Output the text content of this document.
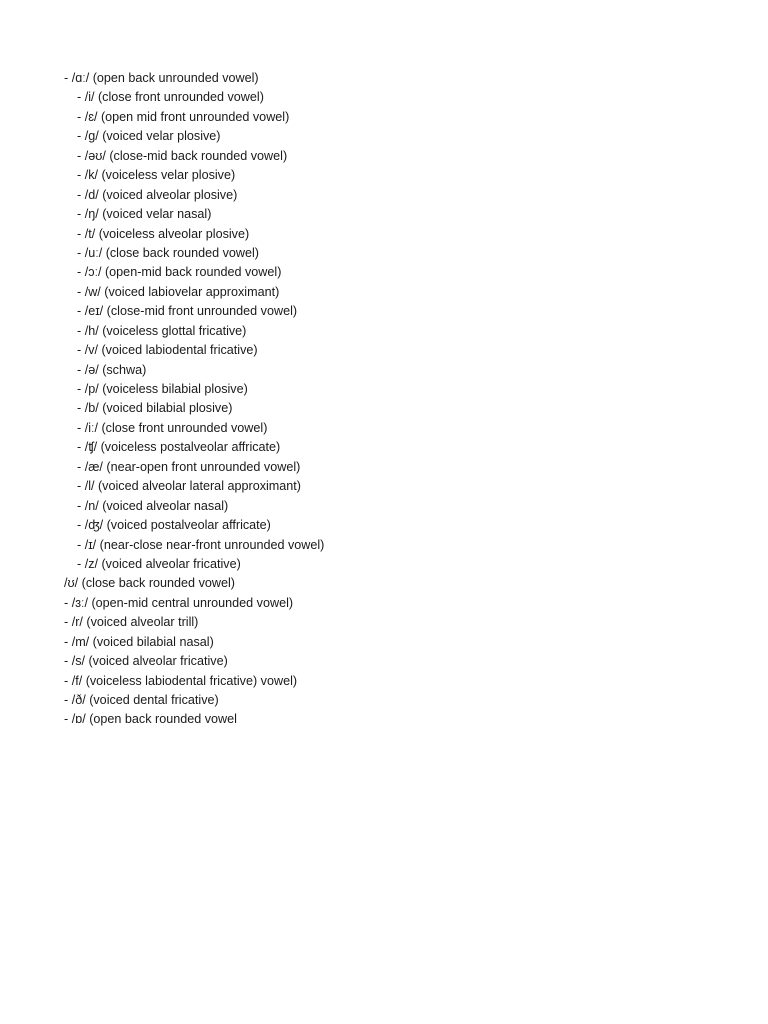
- /ɑː/ (open back unrounded vowel)
- /i/ (close front unrounded vowel)
- /ɛ/ (open mid front unrounded vowel)
- /ɡ/ (voiced velar plosive)
- /əʊ/ (close-mid back rounded vowel)
- /k/ (voiceless velar plosive)
- /d/ (voiced alveolar plosive)
- /ŋ/ (voiced velar nasal)
- /t/ (voiceless alveolar plosive)
- /uː/ (close back rounded vowel)
- /ɔː/ (open-mid back rounded vowel)
- /w/ (voiced labiovelar approximant)
- /eɪ/ (close-mid front unrounded vowel)
- /h/ (voiceless glottal fricative)
- /v/ (voiced labiodental fricative)
- /ə/ (schwa)
- /p/ (voiceless bilabial plosive)
- /b/ (voiced bilabial plosive)
- /iː/ (close front unrounded vowel)
- /ʧ/ (voiceless postalveolar affricate)
- /æ/ (near-open front unrounded vowel)
- /l/ (voiced alveolar lateral approximant)
- /n/ (voiced alveolar nasal)
- /ʤ/ (voiced postalveolar affricate)
- /ɪ/ (near-close near-front unrounded vowel)
- /z/ (voiced alveolar fricative)
/ʊ/ (close back rounded vowel)
- /ɜː/ (open-mid central unrounded vowel)
- /r/ (voiced alveolar trill)
- /m/ (voiced bilabial nasal)
- /s/ (voiced alveolar fricative)
- /f/ (voiceless labiodental fricative) vowel)
- /ð/ (voiced dental fricative)
- /ɒ/ (open back rounded vowel
